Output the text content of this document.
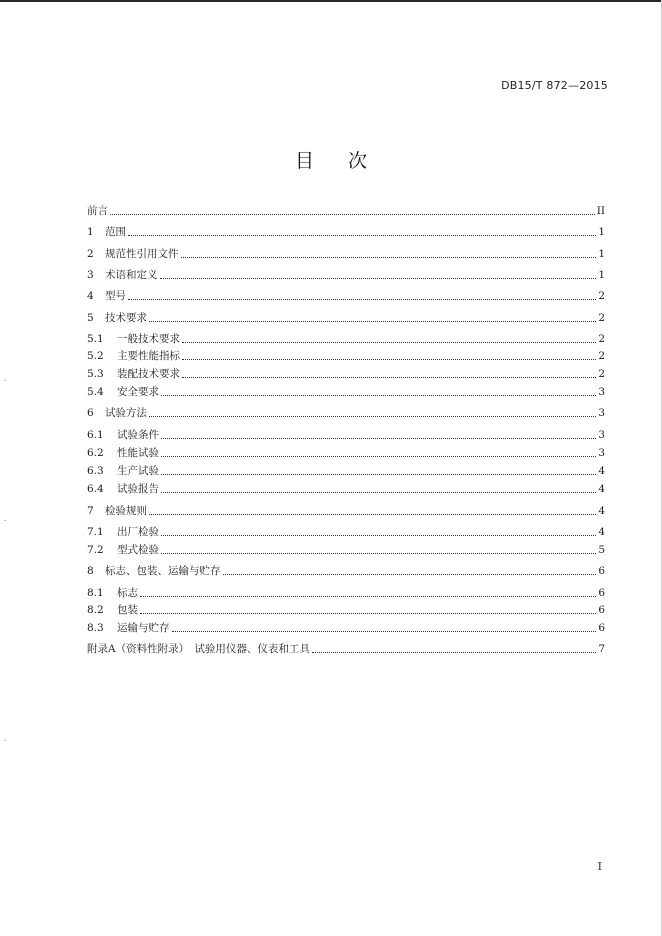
DB15/T 872—2015
目次
前言	II
1	范围	1
2	规范性引用文件	1
3	术语和定义	1
4	型号	2
5	技术要求	2
5.1	一般技术要求	2
5.2	主要性能指标	2
5.3	装配技术要求	2
5.4	安全要求	3
6	试验方法	3
6.1	试验条件	3
6.2	性能试验	3
6.3	生产试验	4
6.4	试验报告	4
7	检验规则	4
7.1	出厂检验	4
7.2	型式检验	5
8	标志、包装、运输与贮存	6
8.1	标志	6
8.2	包装	6
8.3	运输与贮存	6
附录A（资料性附录）　试验用仪器、仪表和工具	7
I
